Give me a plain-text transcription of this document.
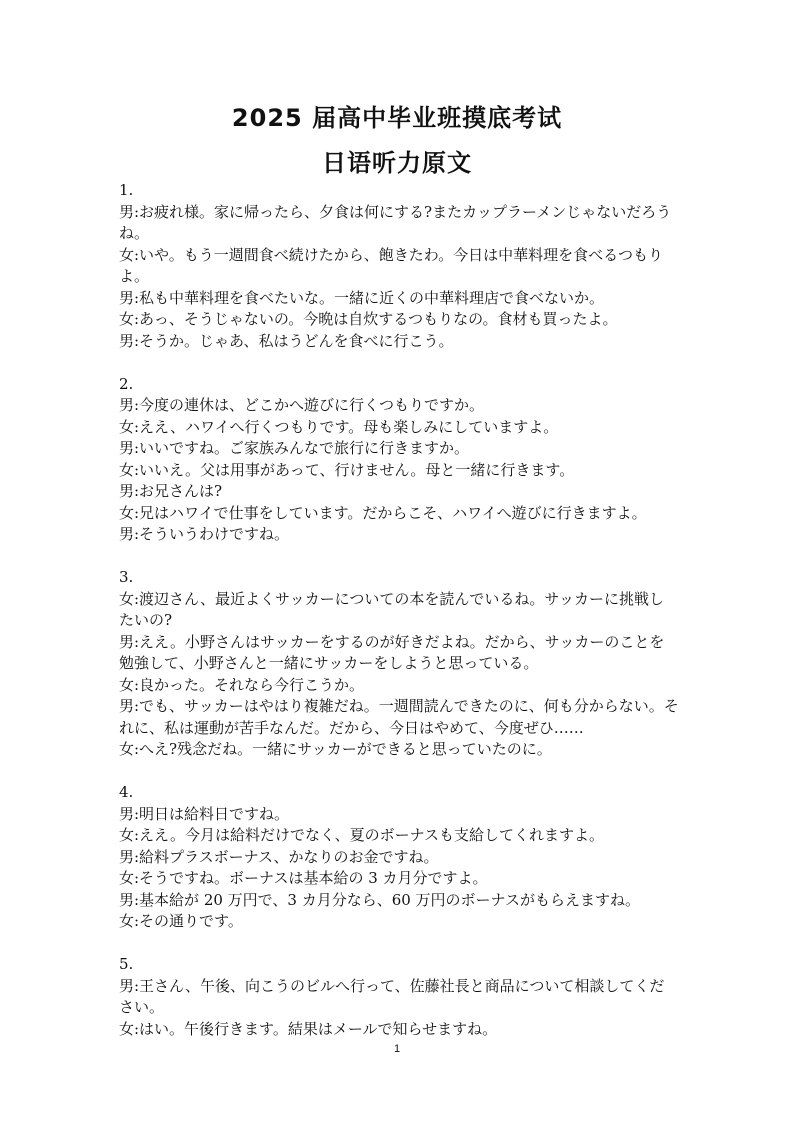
2025 届高中毕业班摸底考试
日语听力原文
1.
男:お疲れ様。家に帰ったら、夕食は何にする?またカップラーメンじゃないだろうね。
女:いや。もう一週間食べ続けたから、飽きたわ。今日は中華料理を食べるつもりよ。
男:私も中華料理を食べたいな。一緒に近くの中華料理店で食べないか。
女:あっ、そうじゃないの。今晩は自炊するつもりなの。食材も買ったよ。
男:そうか。じゃあ、私はうどんを食べに行こう。
2.
男:今度の連休は、どこかへ遊びに行くつもりですか。
女:ええ、ハワイへ行くつもりです。母も楽しみにしていますよ。
男:いいですね。ご家族みんなで旅行に行きますか。
女:いいえ。父は用事があって、行けません。母と一緒に行きます。
男:お兄さんは?
女:兄はハワイで仕事をしています。だからこそ、ハワイへ遊びに行きますよ。
男:そういうわけですね。
3.
女:渡辺さん、最近よくサッカーについての本を読んでいるね。サッカーに挑戦したいの?
男:ええ。小野さんはサッカーをするのが好きだよね。だから、サッカーのことを勉強して、小野さんと一緒にサッカーをしようと思っている。
女:良かった。それなら今行こうか。
男:でも、サッカーはやはり複雑だね。一週間読んできたのに、何も分からない。それに、私は運動が苦手なんだ。だから、今日はやめて、今度ぜひ……
女:へえ?残念だね。一緒にサッカーができると思っていたのに。
4.
男:明日は給料日ですね。
女:ええ。今月は給料だけでなく、夏のボーナスも支給してくれますよ。
男:給料プラスボーナス、かなりのお金ですね。
女:そうですね。ボーナスは基本給の 3 カ月分ですよ。
男:基本給が 20 万円で、3 カ月分なら、60 万円のボーナスがもらえますね。
女:その通りです。
5.
男:王さん、午後、向こうのビルへ行って、佐藤社長と商品について相談してください。
女:はい。午後行きます。結果はメールで知らせますね。
1
